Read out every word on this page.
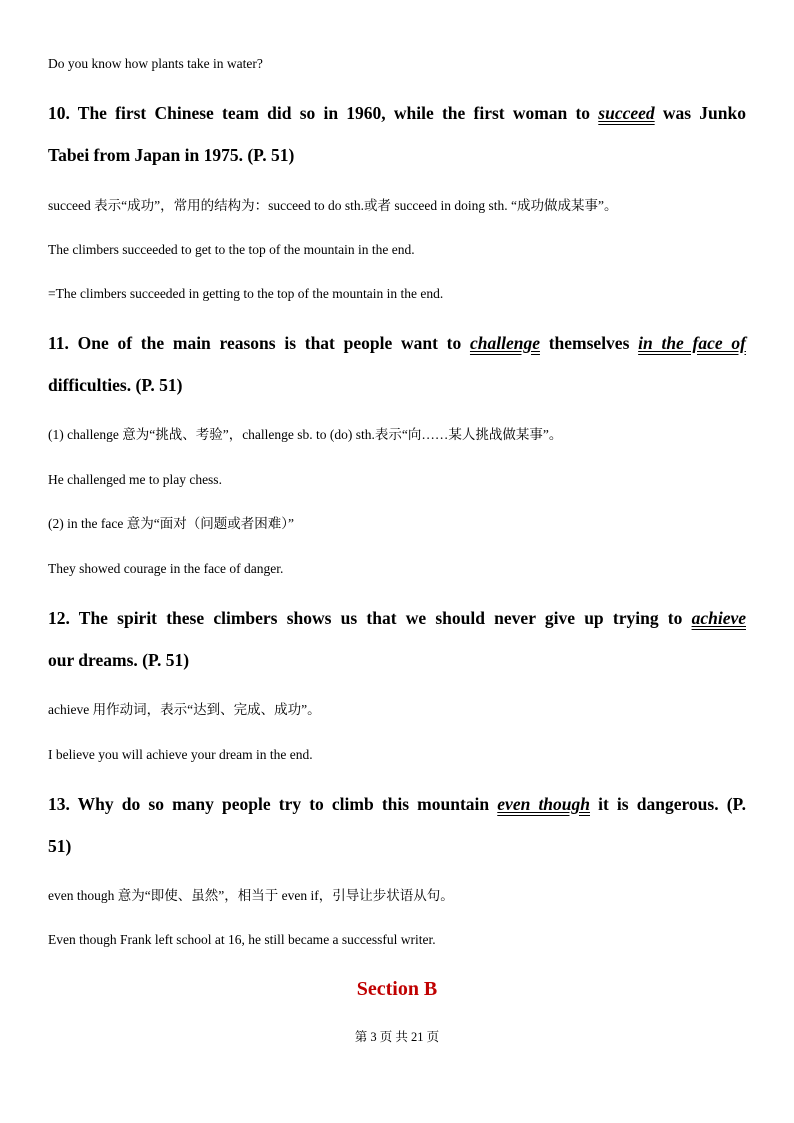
Do you know how plants take in water?
10. The first Chinese team did so in 1960, while the first woman to succeed was Junko
Tabei from Japan in 1975. (P. 51)
succeed 表示“成功”，常用的结构为：succeed to do sth.或者 succeed in doing sth. “成功做成某事”。
The climbers succeeded to get to the top of the mountain in the end.
=The climbers succeeded in getting to the top of the mountain in the end.
11. One of the main reasons is that people want to challenge themselves in the face of
difficulties. (P. 51)
(1) challenge 意为“挑战、考验”，challenge sb. to (do) sth.表示“向……某人挑战做某事”。
He challenged me to play chess.
(2) in the face 意为“面对（问题或者困难）”
They showed courage in the face of danger.
12. The spirit these climbers shows us that we should never give up trying to achieve
our dreams. (P. 51)
achieve 用作动词，表示“达到、完成、成功”。
I believe you will achieve your dream in the end.
13. Why do so many people try to climb this mountain even though it is dangerous. (P.
51)
even though 意为“即使、虽然”，相当于 even if，引导让步状语从句。
Even though Frank left school at 16, he still became a successful writer.
Section B
第 3 页 共 21 页
